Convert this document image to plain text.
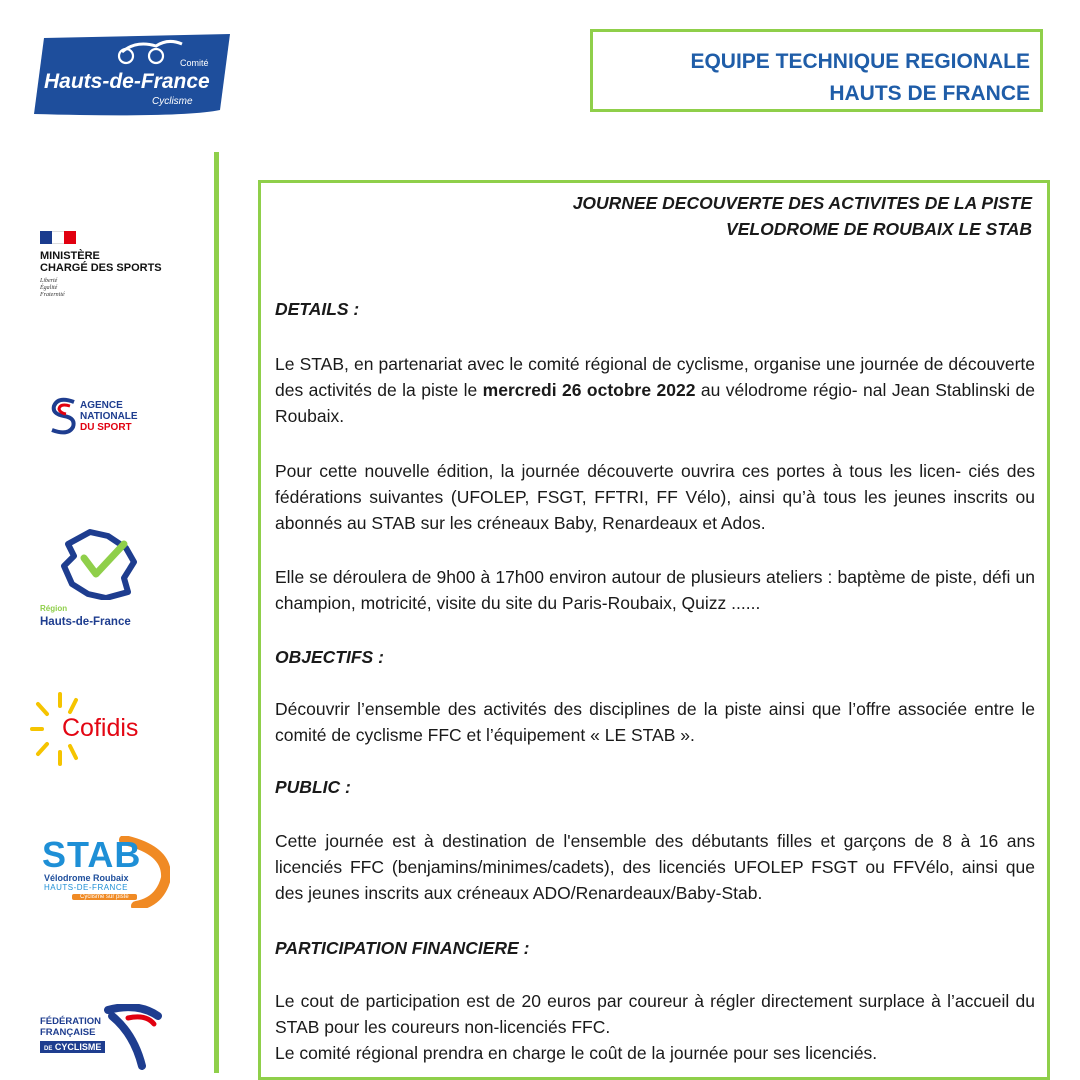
Comité
Hauts-de-France
Cyclisme
EQUIPE TECHNIQUE REGIONALE
HAUTS DE FRANCE
MINISTÈRE
CHARGÉ DES SPORTS
Liberté
Égalité
Fraternité
AGENCE
NATIONALE
DU SPORT
Région
Hauts-de-France
Cofidis
STAB
Vélodrome Roubaix
HAUTS-DE-FRANCE
Cyclisme sur piste
FÉDÉRATION
FRANÇAISE
DE CYCLISME
JOURNEE DECOUVERTE DES ACTIVITES DE LA PISTE
VELODROME DE ROUBAIX LE STAB
DETAILS :

Le STAB, en partenariat avec le comité régional de cyclisme, organise une journée de découverte des activités de la piste le mercredi 26 octobre 2022 au vélodrome régio- nal Jean Stablinski de Roubaix.

Pour cette nouvelle édition, la journée découverte ouvrira ces portes à tous les licen- ciés des fédérations suivantes (UFOLEP, FSGT, FFTRI, FF Vélo), ainsi qu’à tous les jeunes inscrits ou abonnés au STAB sur les créneaux Baby, Renardeaux et Ados.
Elle se déroulera de 9h00 à 17h00 environ autour de plusieurs ateliers : baptème de piste, défi un champion, motricité, visite du site du Paris-Roubaix, Quizz ......
OBJECTIFS :
Découvrir l’ensemble des activités des disciplines de la piste ainsi que l’offre associée entre le comité de cyclisme FFC et l’équipement « LE STAB ».
PUBLIC :
Cette journée est à destination de l'ensemble des débutants filles et garçons de 8 à 16 ans licenciés FFC (benjamins/minimes/cadets), des licenciés UFOLEP FSGT ou FFVélo, ainsi que des jeunes inscrits aux créneaux ADO/Renardeaux/Baby-Stab.
PARTICIPATION FINANCIERE :

Le cout de participation est de 20 euros par coureur à régler directement surplace à l’accueil du STAB pour les coureurs non-licenciés FFC.

Le comité régional prendra en charge le coût de la journée pour ses licenciés.
